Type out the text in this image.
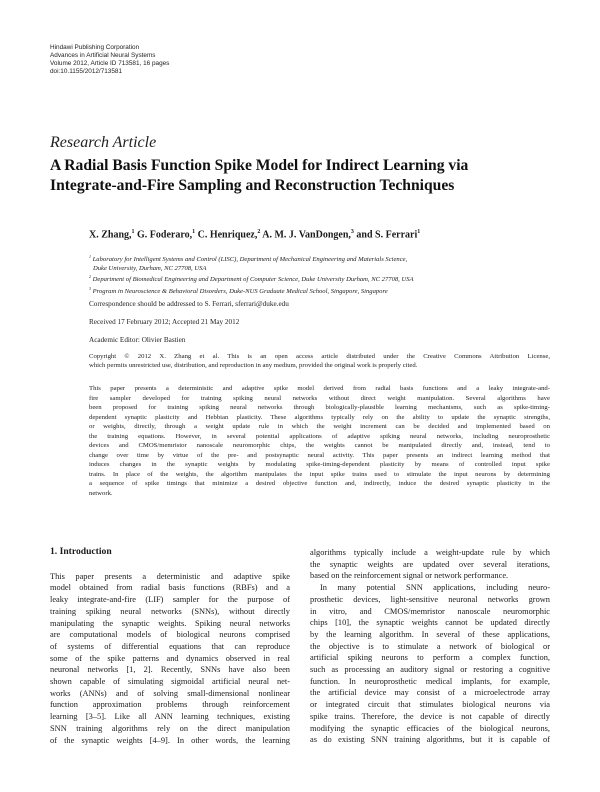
Hindawi Publishing Corporation
Advances in Artificial Neural Systems
Volume 2012, Article ID 713581, 16 pages
doi:10.1155/2012/713581
Research Article
A Radial Basis Function Spike Model for Indirect Learning via
Integrate-and-Fire Sampling and Reconstruction Techniques
X. Zhang,$^1$ G. Foderaro,$^1$ C. Henriquez,$^2$ A. M. J. VanDongen,$^3$ and S. Ferrari$^1$
$^1$ Laboratory for Intelligent Systems and Control (LISC), Department of Mechanical Engineering and Materials Science,
Duke University, Durham, NC 27708, USA
$^2$ Department of Biomedical Engineering and Department of Computer Science, Duke University Durham, NC 27708, USA
$^3$ Program in Neuroscience & Behavioral Disorders, Duke-NUS Graduate Medical School, Singapore, Singapore
Correspondence should be addressed to S. Ferrari, sferrari@duke.edu
Received 17 February 2012; Accepted 21 May 2012
Academic Editor: Olivier Bastien
Copyright © 2012 X. Zhang et al. This is an open access article distributed under the Creative Commons Attribution License,
which permits unrestricted use, distribution, and reproduction in any medium, provided the original work is properly cited.
This paper presents a deterministic and adaptive spike model derived from radial basis functions and a leaky integrate-and-
fire sampler developed for training spiking neural networks without direct weight manipulation. Several algorithms have
been proposed for training spiking neural networks through biologically-plausible learning mechanisms, such as spike-timing-
dependent synaptic plasticity and Hebbian plasticity. These algorithms typically rely on the ability to update the synaptic strengths,
or weights, directly, through a weight update rule in which the weight increment can be decided and implemented based on
the training equations. However, in several potential applications of adaptive spiking neural networks, including neuroprosthetic
devices and CMOS/memristor nanoscale neuromorphic chips, the weights cannot be manipulated directly and, instead, tend to
change over time by virtue of the pre- and postsynaptic neural activity. This paper presents an indirect learning method that
induces changes in the synaptic weights by modulating spike-timing-dependent plasticity by means of controlled input spike
trains. In place of the weights, the algorithm manipulates the input spike trains used to stimulate the input neurons by determining
a sequence of spike timings that minimize a desired objective function and, indirectly, induce the desired synaptic plasticity in the
network.
1. Introduction
This paper presents a deterministic and adaptive spike
model obtained from radial basis functions (RBFs) and a
leaky integrate-and-fire (LIF) sampler for the purpose of
training spiking neural networks (SNNs), without directly
manipulating the synaptic weights. Spiking neural networks
are computational models of biological neurons comprised
of systems of differential equations that can reproduce
some of the spike patterns and dynamics observed in real
neuronal networks [1, 2]. Recently, SNNs have also been
shown capable of simulating sigmoidal artificial neural net-
works (ANNs) and of solving small-dimensional nonlinear
function approximation problems through reinforcement
learning [3–5]. Like all ANN learning techniques, existing
SNN training algorithms rely on the direct manipulation
of the synaptic weights [4–9]. In other words, the learning
algorithms typically include a weight-update rule by which
the synaptic weights are updated over several iterations,
based on the reinforcement signal or network performance.
In many potential SNN applications, including neuro-
prosthetic devices, light-sensitive neuronal networks grown
in vitro, and CMOS/memristor nanoscale neuromorphic
chips [10], the synaptic weights cannot be updated directly
by the learning algorithm. In several of these applications,
the objective is to stimulate a network of biological or
artificial spiking neurons to perform a complex function,
such as processing an auditory signal or restoring a cognitive
function. In neuroprosthetic medical implants, for example,
the artificial device may consist of a microelectrode array
or integrated circuit that stimulates biological neurons via
spike trains. Therefore, the device is not capable of directly
modifying the synaptic efficacies of the biological neurons,
as do existing SNN training algorithms, but it is capable of
